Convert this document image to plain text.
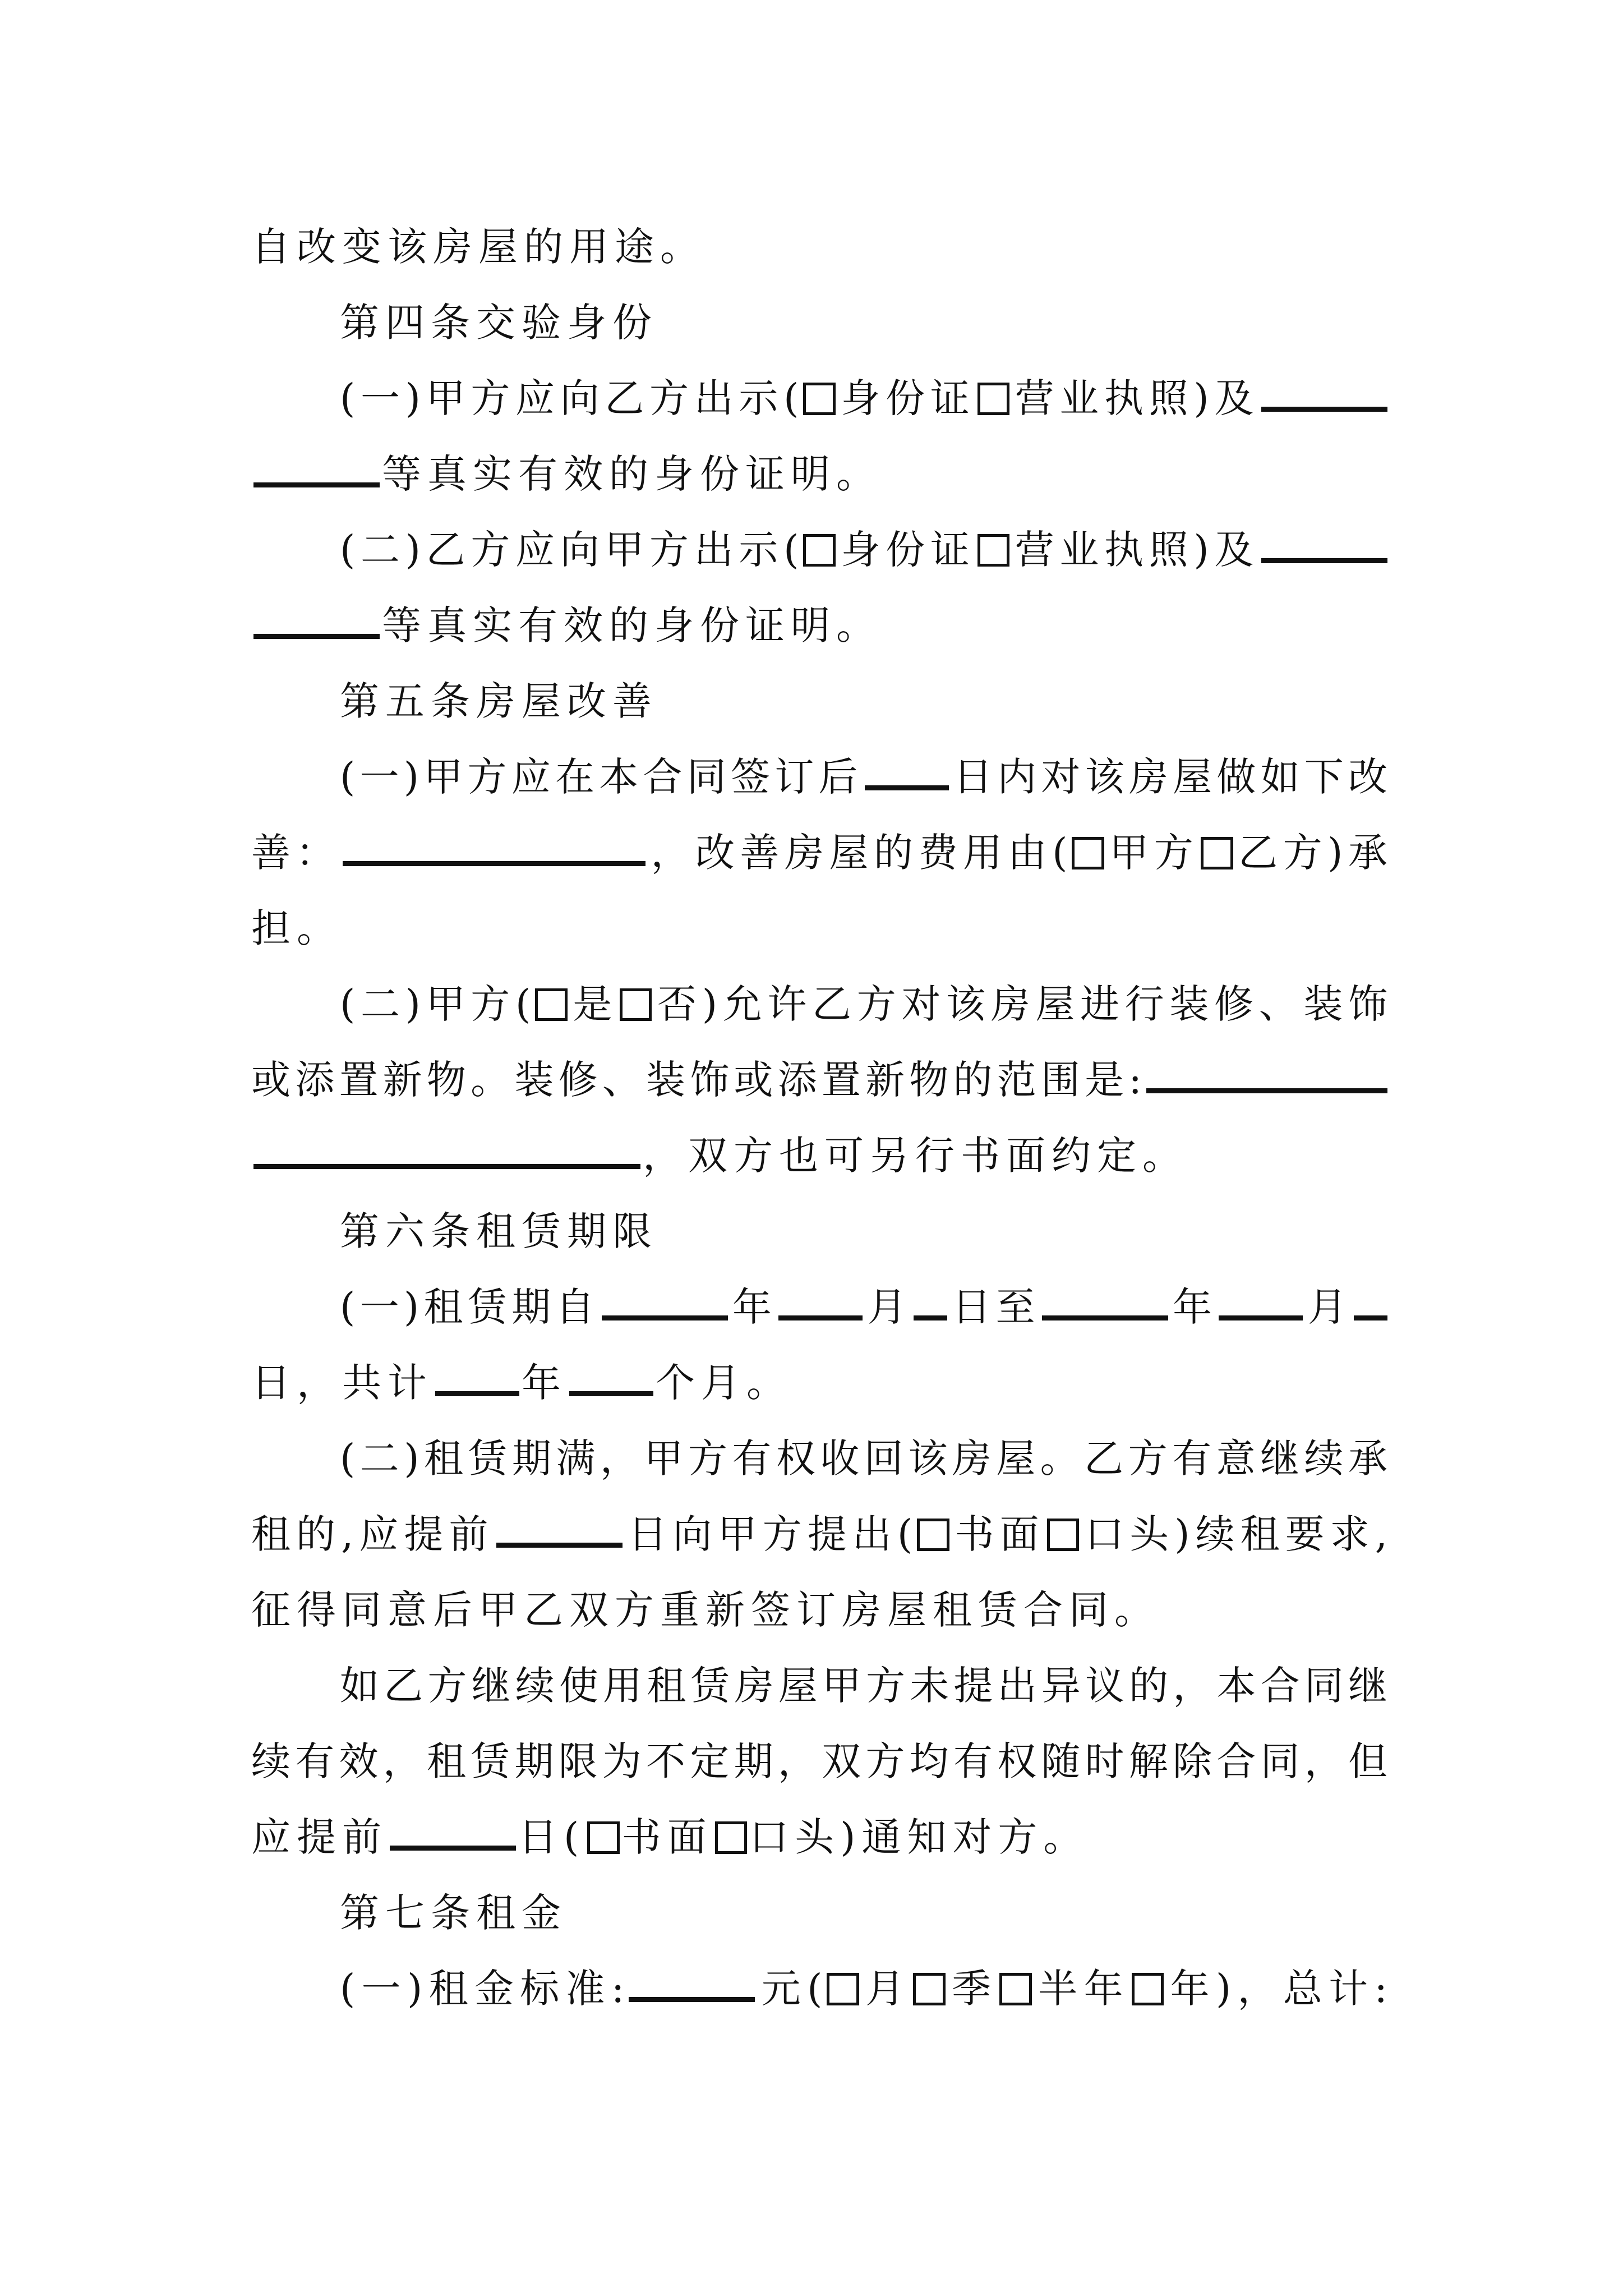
自改变该房屋的用途。
第四条交验身份
(一)甲方应向乙方出示( 身份证 营业执照)及
等真实有效的身份证明。
(二)乙方应向甲方出示( 身份证 营业执照)及
等真实有效的身份证明。
第五条房屋改善
(一)甲方应在本合同签订后 日内对该房屋做如下改
善：	，改善房屋的费用由( 甲方 乙方)承
担。
(二)甲方( 是 否)允许乙方对该房屋进行装修、装饰
或添置新物。装修、装饰或添置新物的范围是:
，双方也可另行书面约定。
第六条租赁期限
(一)租赁期自	年 月 日至	年 月
日，共计 年 个月。
(二)租赁期满，甲方有权收回该房屋。乙方有意继续承
租的,应提前	日向甲方提出( 书面 口头)续租要求,
征得同意后甲乙双方重新签订房屋租赁合同。
如乙方继续使用租赁房屋甲方未提出异议的，本合同继
续有效，租赁期限为不定期，双方均有权随时解除合同，但
应提前	日( 书面 口头)通知对方。
第七条租金
(一)租金标准:	元( 月 季 半年 年)，总计:
